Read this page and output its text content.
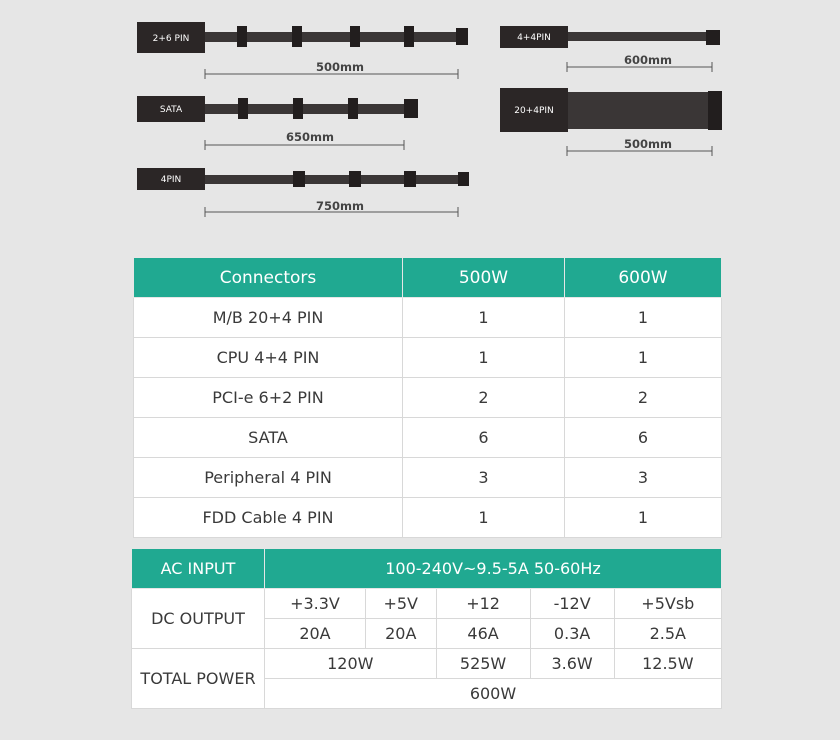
2+6 PIN
500mm
SATA
650mm
4PIN
750mm
4+4PIN
600mm
20+4PIN
500mm
Connectors	500W	600W
M/B 20+4 PIN	1	1
CPU 4+4 PIN	1	1
PCI-e 6+2 PIN	2	2
SATA	6	6
Peripheral 4 PIN	3	3
FDD Cable 4 PIN	1	1
AC INPUT	100-240V~9.5-5A 50-60Hz				
DC OUTPUT	+3.3V	+5V	+12	-12V	+5Vsb
	20A	20A	46A	0.3A	2.5A
TOTAL POWER	120W		525W	3.6W	12.5W
	600W				
